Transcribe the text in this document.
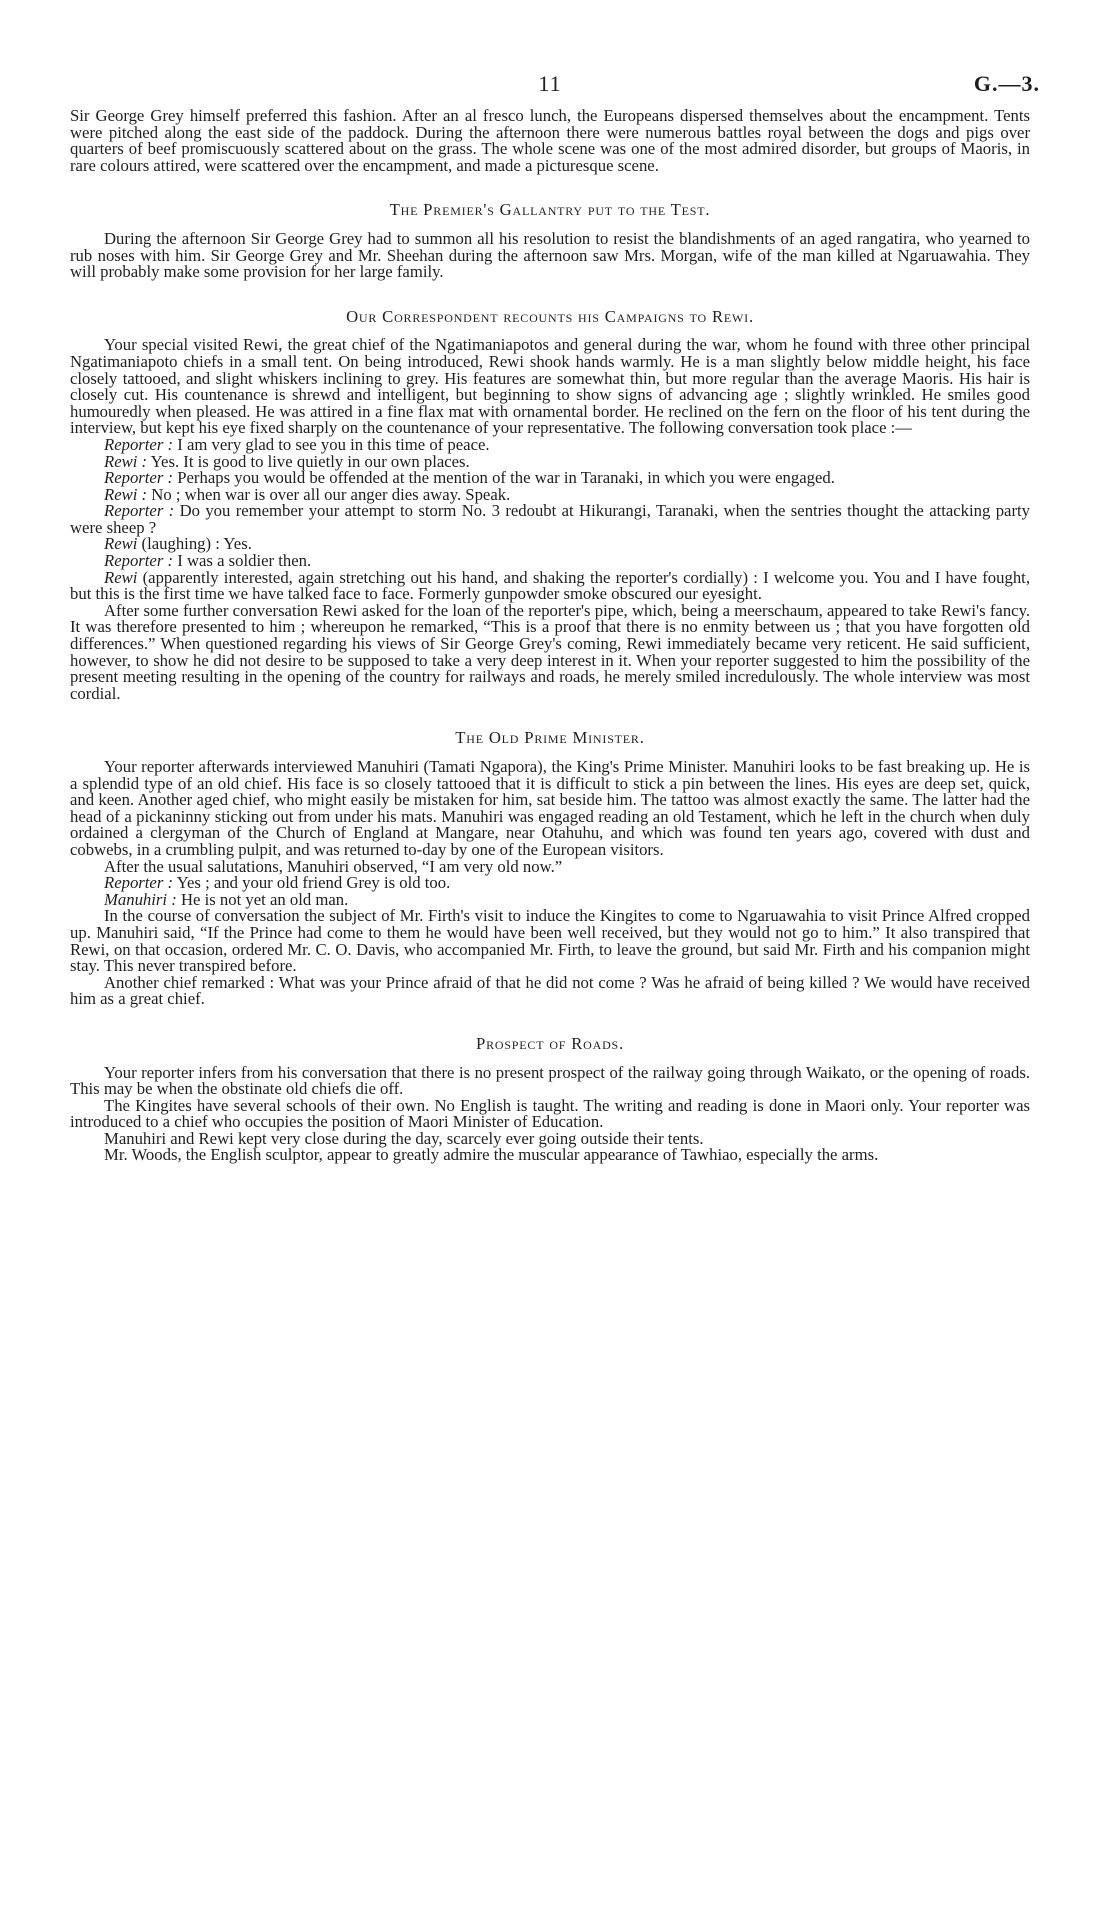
11	G.—3.

Sir George Grey himself preferred this fashion. After an al fresco lunch, the Europeans dispersed themselves about the encampment. Tents were pitched along the east side of the paddock. During the afternoon there were numerous battles royal between the dogs and pigs over quarters of beef promiscuously scattered about on the grass. The whole scene was one of the most admired disorder, but groups of Maoris, in rare colours attired, were scattered over the encampment, and made a picturesque scene.

The Premier's Gallantry put to the Test.

During the afternoon Sir George Grey had to summon all his resolution to resist the blandishments of an aged rangatira, who yearned to rub noses with him. Sir George Grey and Mr. Sheehan during the afternoon saw Mrs. Morgan, wife of the man killed at Ngaruawahia. They will probably make some provision for her large family.

Our Correspondent recounts his Campaigns to Rewi.

Your special visited Rewi, the great chief of the Ngatimaniapotos and general during the war, whom he found with three other principal Ngatimaniapoto chiefs in a small tent. On being introduced, Rewi shook hands warmly. He is a man slightly below middle height, his face closely tattooed, and slight whiskers inclining to grey. His features are somewhat thin, but more regular than the average Maoris. His hair is closely cut. His countenance is shrewd and intelligent, but beginning to show signs of advancing age ; slightly wrinkled. He smiles good humouredly when pleased. He was attired in a fine flax mat with ornamental border. He reclined on the fern on the floor of his tent during the interview, but kept his eye fixed sharply on the countenance of your representative. The following conversation took place :—

Reporter : I am very glad to see you in this time of peace.

Rewi : Yes. It is good to live quietly in our own places.

Reporter : Perhaps you would be offended at the mention of the war in Taranaki, in which you were engaged.

Rewi : No ; when war is over all our anger dies away. Speak.

Reporter : Do you remember your attempt to storm No. 3 redoubt at Hikurangi, Taranaki, when the sentries thought the attacking party were sheep ?

Rewi (laughing) : Yes.

Reporter : I was a soldier then.

Rewi (apparently interested, again stretching out his hand, and shaking the reporter's cordially) : I welcome you. You and I have fought, but this is the first time we have talked face to face. Formerly gunpowder smoke obscured our eyesight.

After some further conversation Rewi asked for the loan of the reporter's pipe, which, being a meerschaum, appeared to take Rewi's fancy. It was therefore presented to him ; whereupon he remarked, “This is a proof that there is no enmity between us ; that you have forgotten old differences.” When questioned regarding his views of Sir George Grey's coming, Rewi immediately became very reticent. He said sufficient, however, to show he did not desire to be supposed to take a very deep interest in it. When your reporter suggested to him the possibility of the present meeting resulting in the opening of the country for railways and roads, he merely smiled incredulously. The whole interview was most cordial.

The Old Prime Minister.

Your reporter afterwards interviewed Manuhiri (Tamati Ngapora), the King's Prime Minister. Manuhiri looks to be fast breaking up. He is a splendid type of an old chief. His face is so closely tattooed that it is difficult to stick a pin between the lines. His eyes are deep set, quick, and keen. Another aged chief, who might easily be mistaken for him, sat beside him. The tattoo was almost exactly the same. The latter had the head of a pickaninny sticking out from under his mats. Manuhiri was engaged reading an old Testament, which he left in the church when duly ordained a clergyman of the Church of England at Mangare, near Otahuhu, and which was found ten years ago, covered with dust and cobwebs, in a crumbling pulpit, and was returned to-day by one of the European visitors.

After the usual salutations, Manuhiri observed, “I am very old now.”

Reporter : Yes ; and your old friend Grey is old too.

Manuhiri : He is not yet an old man.

In the course of conversation the subject of Mr. Firth's visit to induce the Kingites to come to Ngaruawahia to visit Prince Alfred cropped up. Manuhiri said, “If the Prince had come to them he would have been well received, but they would not go to him.” It also transpired that Rewi, on that occasion, ordered Mr. C. O. Davis, who accompanied Mr. Firth, to leave the ground, but said Mr. Firth and his companion might stay. This never transpired before.

Another chief remarked : What was your Prince afraid of that he did not come ? Was he afraid of being killed ? We would have received him as a great chief.

Prospect of Roads.

Your reporter infers from his conversation that there is no present prospect of the railway going through Waikato, or the opening of roads. This may be when the obstinate old chiefs die off.

The Kingites have several schools of their own. No English is taught. The writing and reading is done in Maori only. Your reporter was introduced to a chief who occupies the position of Maori Minister of Education.

Manuhiri and Rewi kept very close during the day, scarcely ever going outside their tents.

Mr. Woods, the English sculptor, appear to greatly admire the muscular appearance of Tawhiao, especially the arms.
